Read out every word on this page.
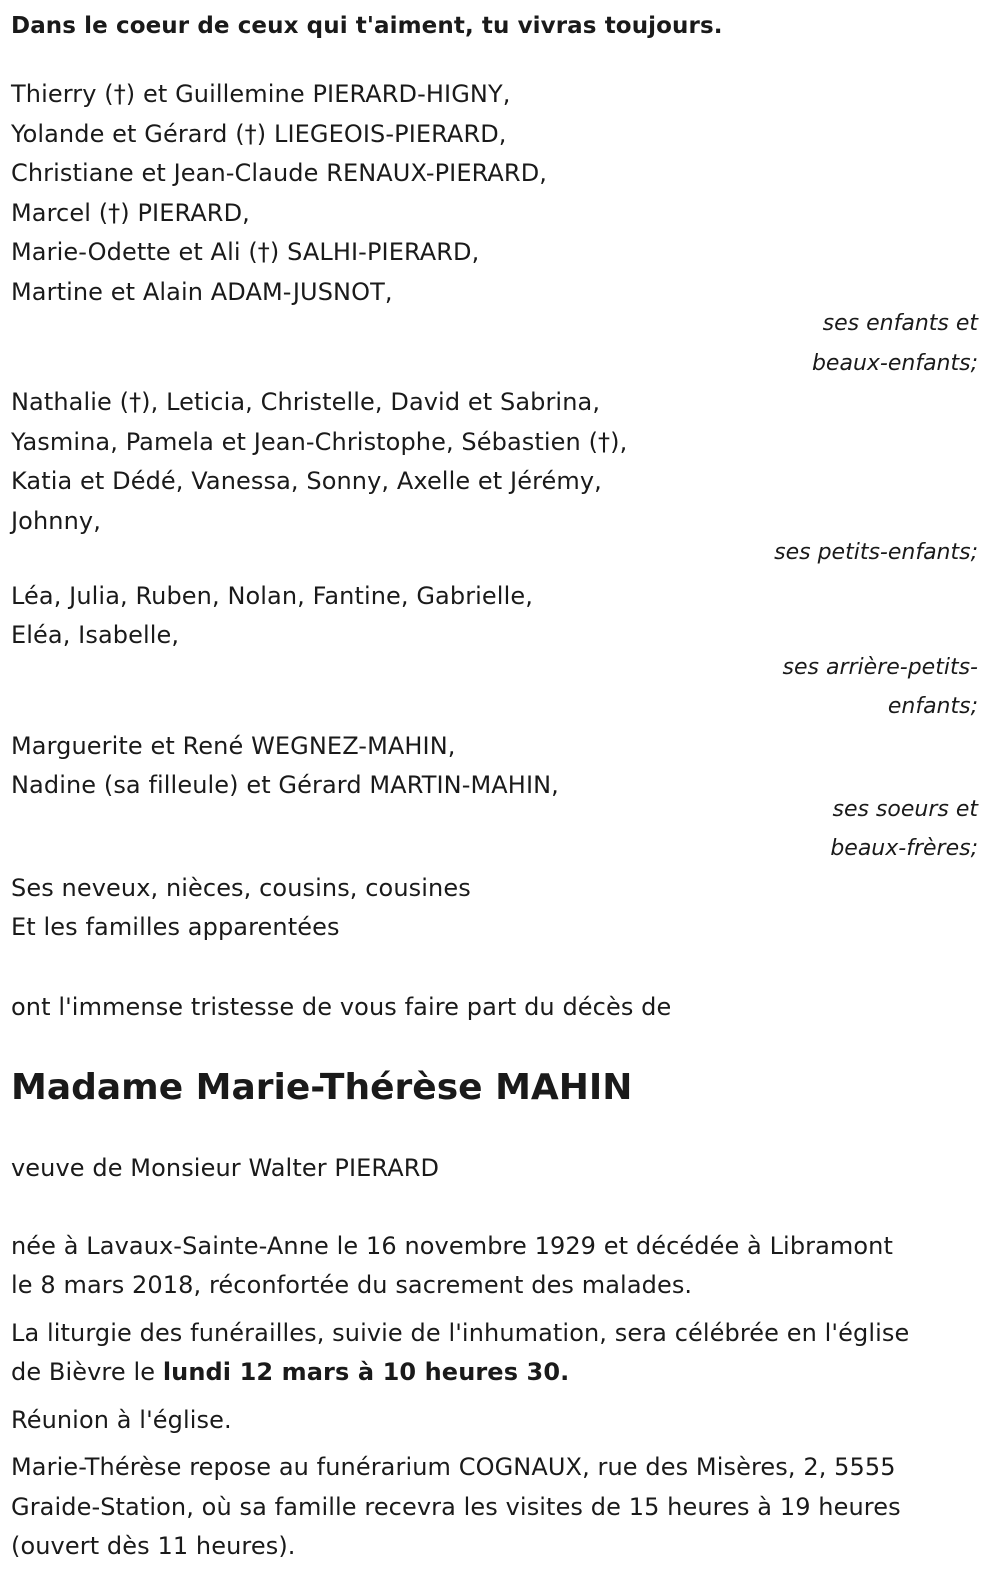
Dans le coeur de ceux qui t'aiment, tu vivras toujours.

Thierry (†) et Guillemine PIERARD-HIGNY,
Yolande et Gérard (†) LIEGEOIS-PIERARD,
Christiane et Jean-Claude RENAUX-PIERARD,
Marcel (†) PIERARD,
Marie-Odette et Ali (†) SALHI-PIERARD,
Martine et Alain ADAM-JUSNOT,
ses enfants et
beaux-enfants;
Nathalie (†), Leticia, Christelle, David et Sabrina,
Yasmina, Pamela et Jean-Christophe, Sébastien (†),
Katia et Dédé, Vanessa, Sonny, Axelle et Jérémy,
Johnny,
ses petits-enfants;
Léa, Julia, Ruben, Nolan, Fantine, Gabrielle,
Eléa, Isabelle,
ses arrière-petits-
enfants;
Marguerite et René WEGNEZ-MAHIN,
Nadine (sa filleule) et Gérard MARTIN-MAHIN,
ses soeurs et
beaux-frères;
Ses neveux, nièces, cousins, cousines
Et les familles apparentées
ont l'immense tristesse de vous faire part du décès de
Madame Marie-Thérèse MAHIN
veuve de Monsieur Walter PIERARD
née à Lavaux-Sainte-Anne le 16 novembre 1929 et décédée à Libramont
le 8 mars 2018, réconfortée du sacrement des malades.
La liturgie des funérailles, suivie de l'inhumation, sera célébrée en l'église
de Bièvre le lundi 12 mars à 10 heures 30.
Réunion à l'église.
Marie-Thérèse repose au funérarium COGNAUX, rue des Misères, 2, 5555
Graide-Station, où sa famille recevra les visites de 15 heures à 19 heures
(ouvert dès 11 heures).
